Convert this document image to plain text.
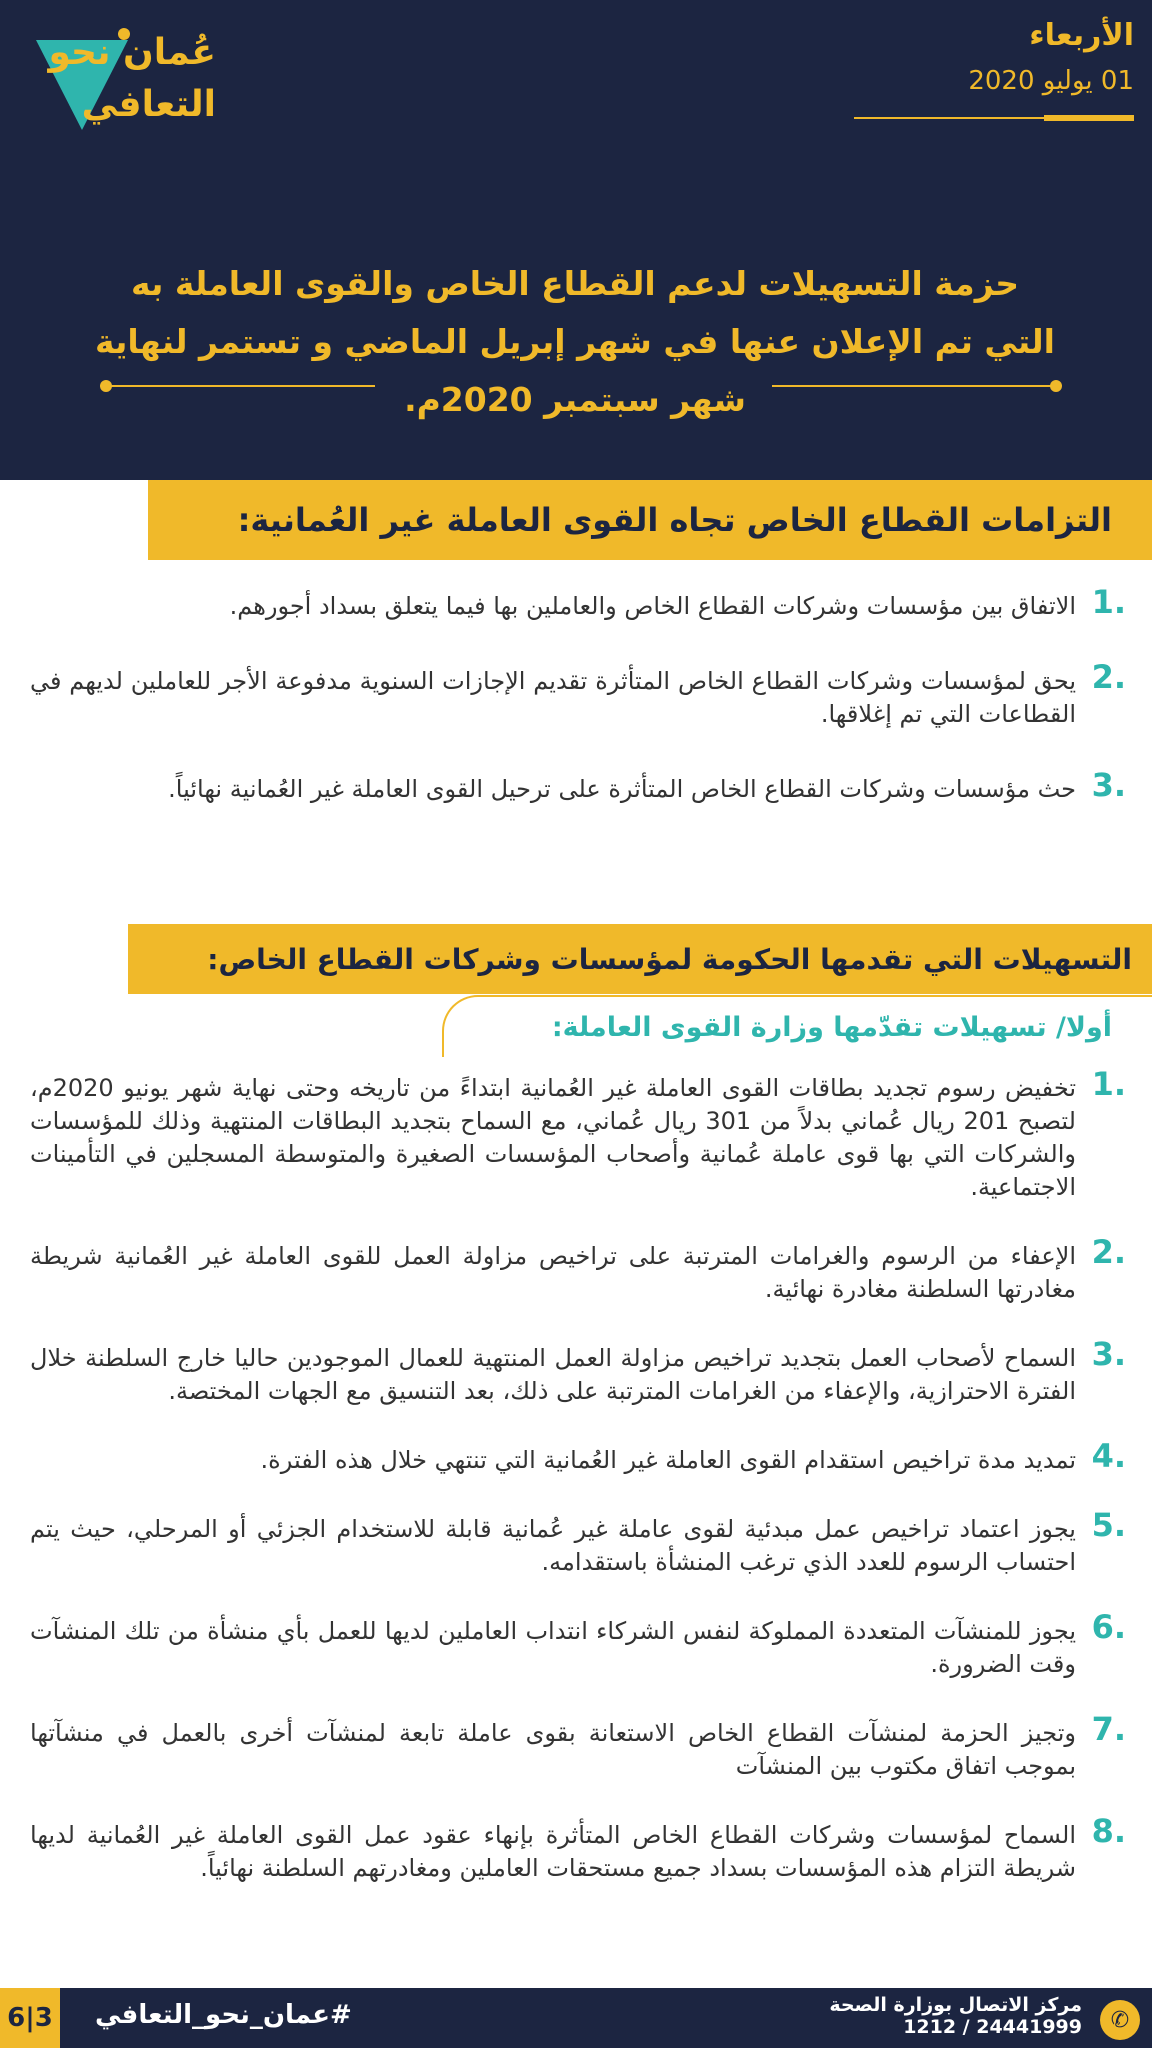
الأربعاء
01 يوليو 2020
عُمان نحو
التعافي
حزمة التسهيلات لدعم القطاع الخاص والقوى العاملة به
التي تم الإعلان عنها في شهر إبريل الماضي و تستمر لنهاية
شهر سبتمبر 2020م.
التزامات القطاع الخاص تجاه القوى العاملة غير العُمانية:
1.
الاتفاق بين مؤسسات وشركات القطاع الخاص والعاملين بها فيما يتعلق بسداد أجورهم.
2.
يحق لمؤسسات وشركات القطاع الخاص المتأثرة تقديم الإجازات السنوية مدفوعة الأجر للعاملين لديهم في القطاعات التي تم إغلاقها.
3.
حث مؤسسات وشركات القطاع الخاص المتأثرة على ترحيل القوى العاملة غير العُمانية نهائياً.
التسهيلات التي تقدمها الحكومة لمؤسسات وشركات القطاع الخاص:
أولا/ تسهيلات تقدّمها وزارة القوى العاملة:
1.
تخفيض رسوم تجديد بطاقات القوى العاملة غير العُمانية ابتداءً من تاريخه وحتى نهاية شهر يونيو 2020م، لتصبح 201 ريال عُماني بدلاً من 301 ريال عُماني، مع السماح بتجديد البطاقات المنتهية وذلك للمؤسسات والشركات التي بها قوى عاملة عُمانية وأصحاب المؤسسات الصغيرة والمتوسطة المسجلين في التأمينات الاجتماعية.
2.
الإعفاء من الرسوم والغرامات المترتبة على تراخيص مزاولة العمل للقوى العاملة غير العُمانية شريطة مغادرتها السلطنة مغادرة نهائية.
3.
السماح لأصحاب العمل بتجديد تراخيص مزاولة العمل المنتهية للعمال الموجودين حاليا خارج السلطنة خلال الفترة الاحترازية، والإعفاء من الغرامات المترتبة على ذلك، بعد التنسيق مع الجهات المختصة.
4.
تمديد مدة تراخيص استقدام القوى العاملة غير العُمانية التي تنتهي خلال هذه الفترة.
5.
يجوز اعتماد تراخيص عمل مبدئية لقوى عاملة غير عُمانية قابلة للاستخدام الجزئي أو المرحلي، حيث يتم احتساب الرسوم للعدد الذي ترغب المنشأة باستقدامه.
6.
يجوز للمنشآت المتعددة المملوكة لنفس الشركاء انتداب العاملين لديها للعمل بأي منشأة من تلك المنشآت وقت الضرورة.
7.
وتجيز الحزمة لمنشآت القطاع الخاص الاستعانة بقوى عاملة تابعة لمنشآت أخرى بالعمل في منشآتها بموجب اتفاق مكتوب بين المنشآت
8.
السماح لمؤسسات وشركات القطاع الخاص المتأثرة بإنهاء عقود عمل القوى العاملة غير العُمانية لديها شريطة التزام هذه المؤسسات بسداد جميع مستحقات العاملين ومغادرتهم السلطنة نهائياً.
6|3 #عمان_نحو_التعافي	مركز الاتصال بوزارة الصحة
1212 / 24441999	✆
